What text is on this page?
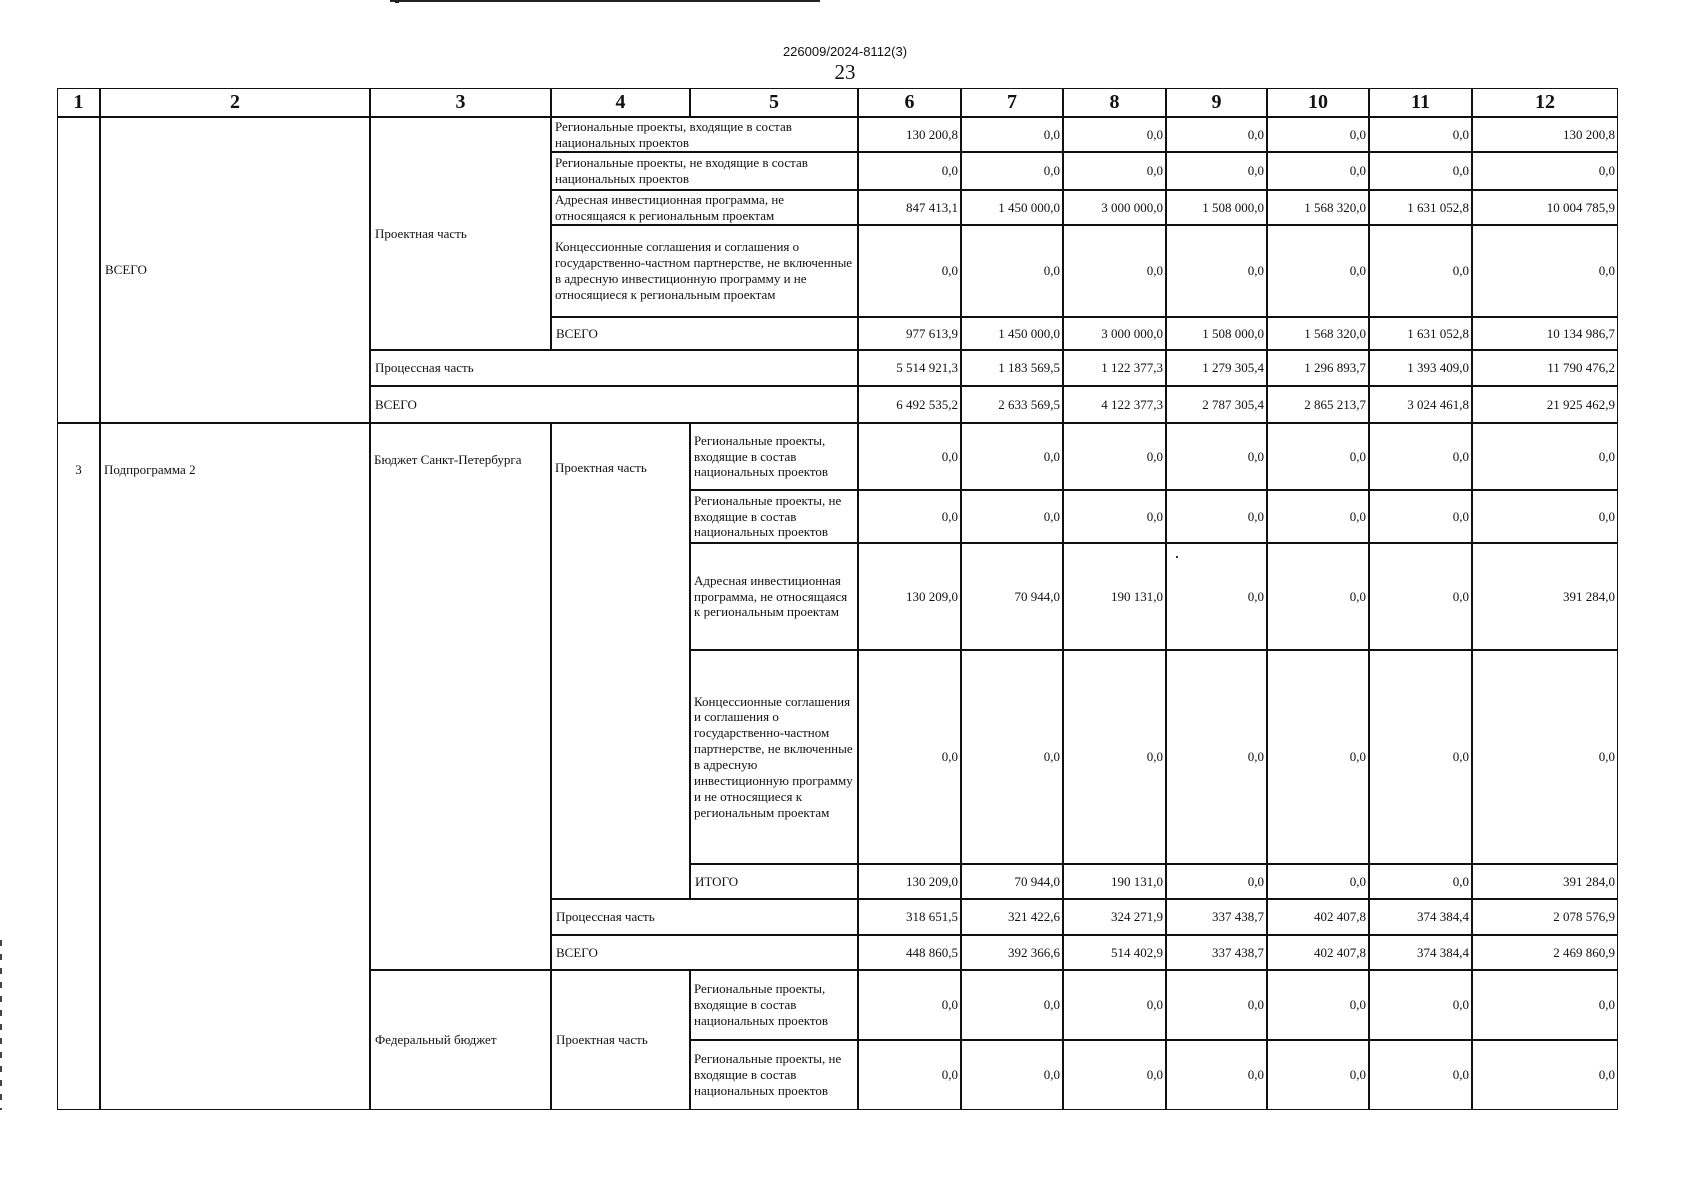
226009/2024-8112(3)
23
1	2	3	4	5	6	7	8	9	10	11	12
ВСЕГО
Проектная часть
Региональные проекты, входящие в состав национальных проектов
130 200,8	0,0	0,0	0,0	0,0	0,0	130 200,8
Региональные проекты, не входящие в состав национальных проектов
0,0	0,0	0,0	0,0	0,0	0,0	0,0
Адресная инвестиционная программа, не относящаяся к региональным проектам
847 413,1	1 450 000,0	3 000 000,0	1 508 000,0	1 568 320,0	1 631 052,8	10 004 785,9
Концессионные соглашения и соглашения о государственно-частном партнерстве, не включенные в адресную инвестиционную программу и не относящиеся к региональным проектам
0,0	0,0	0,0	0,0	0,0	0,0	0,0
ВСЕГО	977 613,9	1 450 000,0	3 000 000,0	1 508 000,0	1 568 320,0	1 631 052,8	10 134 986,7
Процессная часть	5 514 921,3	1 183 569,5	1 122 377,3	1 279 305,4	1 296 893,7	1 393 409,0	11 790 476,2
ВСЕГО	6 492 535,2	2 633 569,5	4 122 377,3	2 787 305,4	2 865 213,7	3 024 461,8	21 925 462,9
3	Подпрограмма 2
Бюджет Санкт-Петербурга
Проектная часть
Региональные проекты, входящие в состав национальных проектов
0,0	0,0	0,0	0,0	0,0	0,0	0,0
Региональные проекты, не входящие в состав национальных проектов
0,0	0,0	0,0	0,0	0,0	0,0	0,0
Адресная инвестиционная программа, не относящаяся к региональным проектам
130 209,0	70 944,0	190 131,0	0,0	0,0	0,0	391 284,0
Концессионные соглашения и соглашения о государственно-частном партнерстве, не включенные в адресную инвестиционную программу и не относящиеся к региональным проектам
0,0	0,0	0,0	0,0	0,0	0,0	0,0
ИТОГО	130 209,0	70 944,0	190 131,0	0,0	0,0	0,0	391 284,0
Процессная часть	318 651,5	321 422,6	324 271,9	337 438,7	402 407,8	374 384,4	2 078 576,9
ВСЕГО	448 860,5	392 366,6	514 402,9	337 438,7	402 407,8	374 384,4	2 469 860,9
Федеральный бюджет	Проектная часть
Региональные проекты, входящие в состав национальных проектов
0,0	0,0	0,0	0,0	0,0	0,0	0,0
Региональные проекты, не входящие в состав национальных проектов
0,0	0,0	0,0	0,0	0,0	0,0	0,0
